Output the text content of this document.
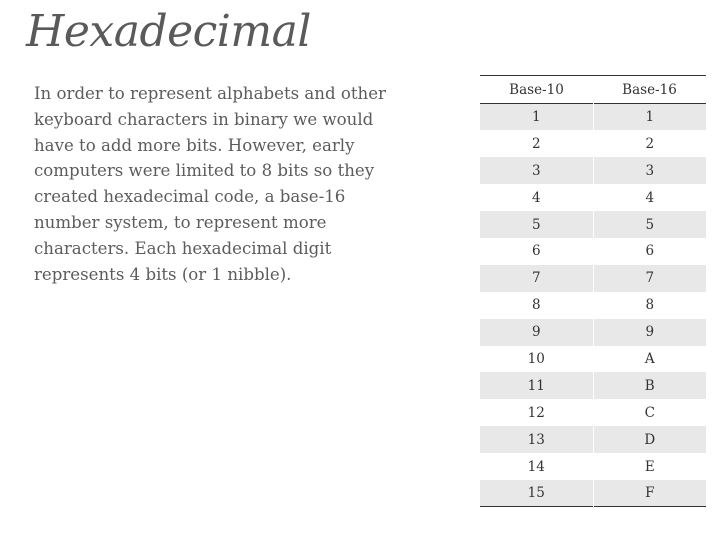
Hexadecimal

In order to represent alphabets and other
keyboard characters in binary we would
have to add more bits. However, early
computers were limited to 8 bits so they
created hexadecimal code, a base-16
number system, to represent more
characters. Each hexadecimal digit
represents 4 bits (or 1 nibble).

Base-10	Base-16
1	1
2	2
3	3
4	4
5	5
6	6
7	7
8	8
9	9
10	A
11	B
12	C
13	D
14	E
15	F
